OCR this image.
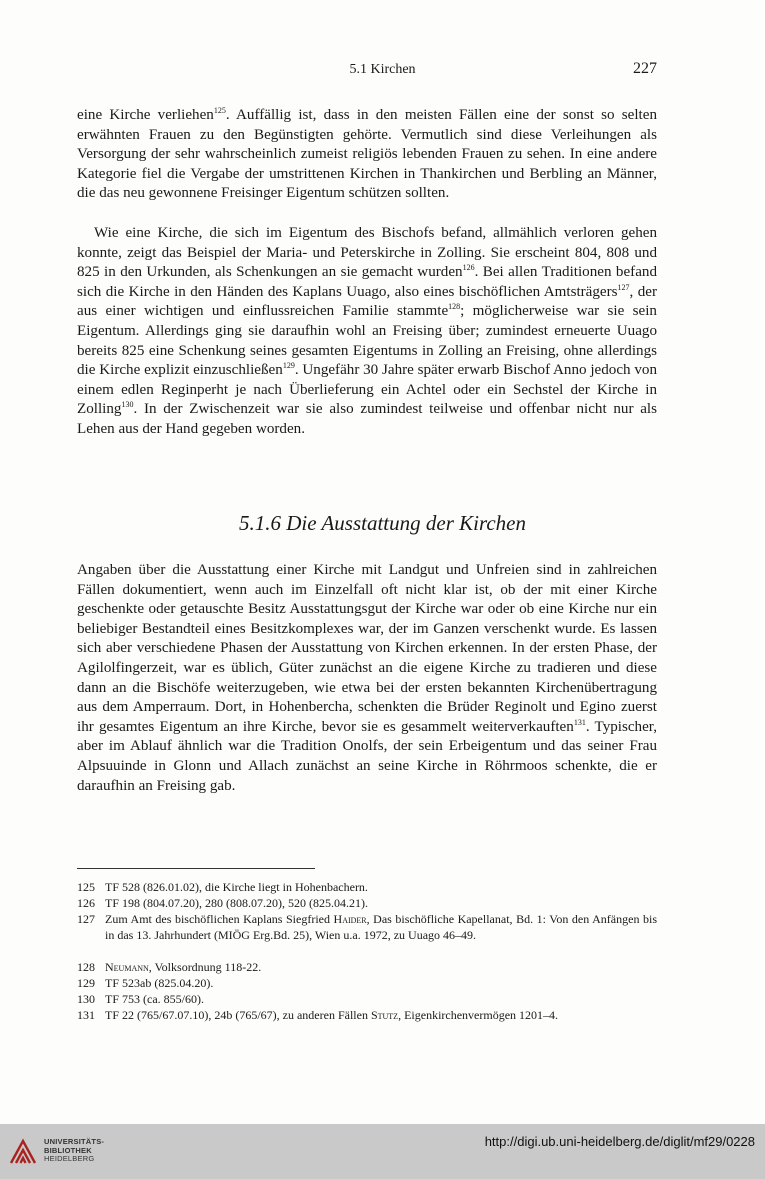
5.1 Kirchen	227

eine Kirche verliehen$^{125}$. Auffällig ist, dass in den meisten Fällen eine der sonst so selten erwähnten Frauen zu den Begünstigten gehörte. Vermutlich sind diese Verleihungen als Versorgung der sehr wahrscheinlich zumeist religiös lebenden Frauen zu sehen. In eine andere Kategorie fiel die Vergabe der umstrittenen Kirchen in Thankirchen und Berbling an Männer, die das neu gewonnene Freisinger Eigentum schützen sollten.

Wie eine Kirche, die sich im Eigentum des Bischofs befand, allmählich verloren gehen konnte, zeigt das Beispiel der Maria- und Peterskirche in Zolling. Sie erscheint 804, 808 und 825 in den Urkunden, als Schenkungen an sie gemacht wurden$^{126}$. Bei allen Traditionen befand sich die Kirche in den Händen des Kaplans Uuago, also eines bischöflichen Amtsträgers$^{127}$, der aus einer wichtigen und einflussreichen Familie stammte$^{128}$; möglicherweise war sie sein Eigentum. Allerdings ging sie daraufhin wohl an Freising über; zumindest erneuerte Uuago bereits 825 eine Schenkung seines gesamten Eigentums in Zolling an Freising, ohne allerdings die Kirche explizit einzuschließen$^{129}$. Ungefähr 30 Jahre später erwarb Bischof Anno jedoch von einem edlen Reginperht je nach Überlieferung ein Achtel oder ein Sechstel der Kirche in Zolling$^{130}$. In der Zwischenzeit war sie also zumindest teilweise und offenbar nicht nur als Lehen aus der Hand gegeben worden.

5.1.6 Die Ausstattung der Kirchen

Angaben über die Ausstattung einer Kirche mit Landgut und Unfreien sind in zahlreichen Fällen dokumentiert, wenn auch im Einzelfall oft nicht klar ist, ob der mit einer Kirche geschenkte oder getauschte Besitz Ausstattungsgut der Kirche war oder ob eine Kirche nur ein beliebiger Bestandteil eines Besitzkomplexes war, der im Ganzen verschenkt wurde. Es lassen sich aber verschiedene Phasen der Ausstattung von Kirchen erkennen. In der ersten Phase, der Agilolfingerzeit, war es üblich, Güter zunächst an die eigene Kirche zu tradieren und diese dann an die Bischöfe weiterzugeben, wie etwa bei der ersten bekannten Kirchenübertragung aus dem Amperraum. Dort, in Hohenbercha, schenkten die Brüder Reginolt und Egino zuerst ihr gesamtes Eigentum an ihre Kirche, bevor sie es gesammelt weiterverkauften$^{131}$. Typischer, aber im Ablauf ähnlich war die Tradition Onolfs, der sein Erbeigentum und das seiner Frau Alpsuuinde in Glonn und Allach zunächst an seine Kirche in Röhrmoos schenkte, die er daraufhin an Freising gab.

125 TF 528 (826.01.02), die Kirche liegt in Hohenbachern.
126 TF 198 (804.07.20), 280 (808.07.20), 520 (825.04.21).
127 Zum Amt des bischöflichen Kaplans Siegfried Haider, Das bischöfliche Kapellanat, Bd. 1: Von den Anfängen bis in das 13. Jahrhundert (MIÖG Erg.Bd. 25), Wien u.a. 1972, zu Uuago 46–49.
128 Neumann, Volksordnung 118-22.
129 TF 523ab (825.04.20).
130 TF 753 (ca. 855/60).
131 TF 22 (765/67.07.10), 24b (765/67), zu anderen Fällen Stutz, Eigenkirchenvermögen 1201–4.
UNIVERSITÄTS-
BIBLIOTHEK
HEIDELBERG
http://digi.ub.uni-heidelberg.de/diglit/mf29/0228
